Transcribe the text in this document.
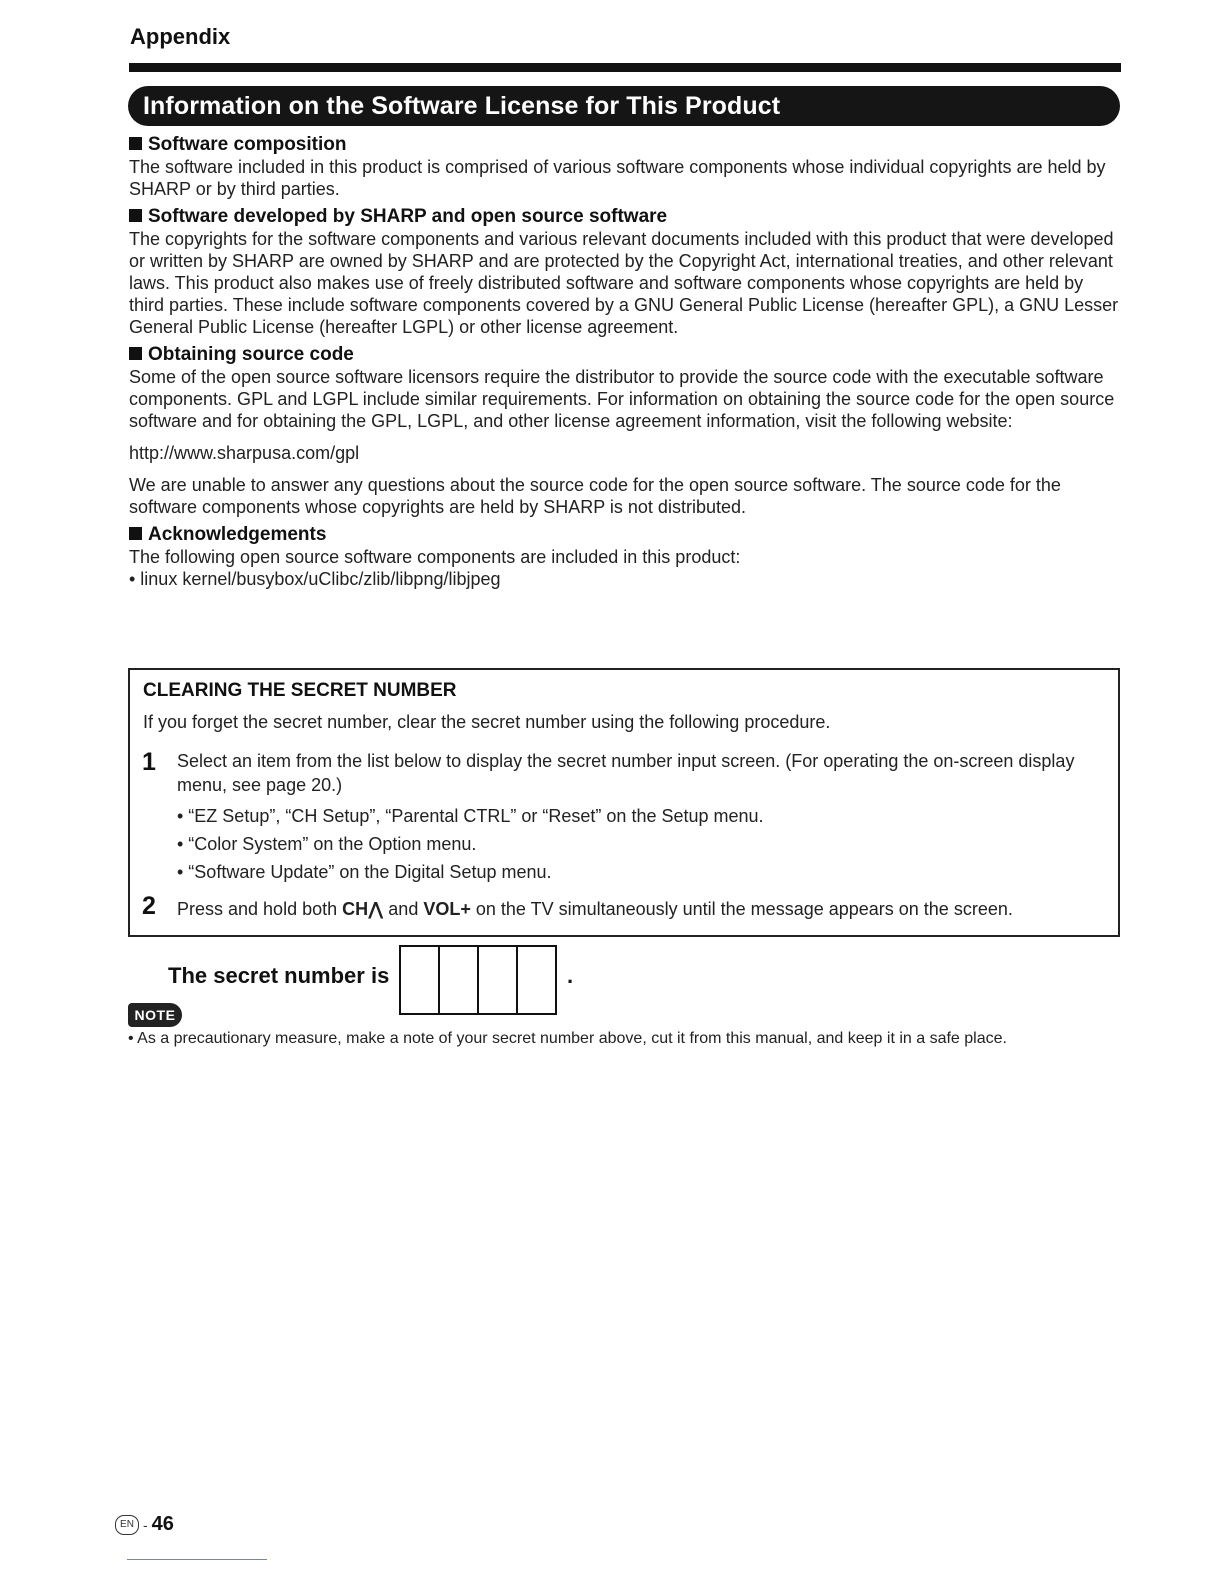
Appendix
Information on the Software License for This Product
Software composition

The software included in this product is comprised of various software components whose individual copyrights are held by SHARP or by third parties.

Software developed by SHARP and open source software

The copyrights for the software components and various relevant documents included with this product that were developed or written by SHARP are owned by SHARP and are protected by the Copyright Act, international treaties, and other relevant laws. This product also makes use of freely distributed software and software components whose copyrights are held by third parties. These include software components covered by a GNU General Public License (hereafter GPL), a GNU Lesser General Public License (hereafter LGPL) or other license agreement.

Obtaining source code

Some of the open source software licensors require the distributor to provide the source code with the executable software components. GPL and LGPL include similar requirements. For information on obtaining the source code for the open source software and for obtaining the GPL, LGPL, and other license agreement information, visit the following website:

http://www.sharpusa.com/gpl

We are unable to answer any questions about the source code for the open source software. The source code for the software components whose copyrights are held by SHARP is not distributed.

Acknowledgements

The following open source software components are included in this product:

• linux kernel/busybox/uClibc/zlib/libpng/libjpeg
CLEARING THE SECRET NUMBER
If you forget the secret number, clear the secret number using the following procedure.
1 Select an item from the list below to display the secret number input screen. (For operating the on-screen display menu, see page 20.)
• “EZ Setup”, “CH Setup”, “Parental CTRL” or “Reset” on the Setup menu.
• “Color System” on the Option menu.
• “Software Update” on the Digital Setup menu.
2 Press and hold both CH⋀ and VOL+ on the TV simultaneously until the message appears on the screen.
The secret number is	.
NOTE
• As a precautionary measure, make a note of your secret number above, cut it from this manual, and keep it in a safe place.
EN - 46
